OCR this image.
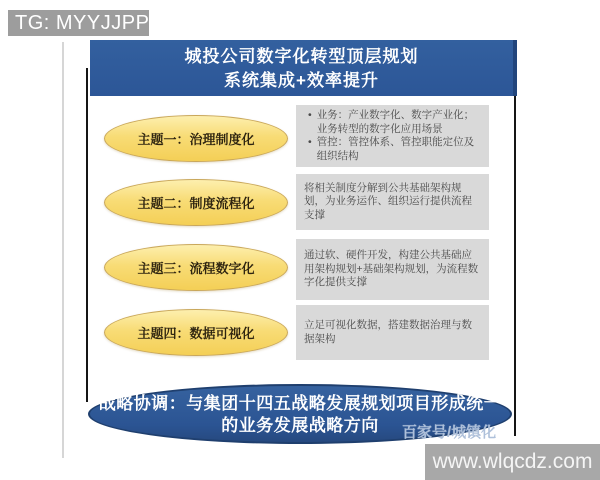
TG: MYYJJPP
城投公司数字化转型顶层规划
系统集成+效率提升
主题一：治理制度化
• 业务：产业数字化、数字产业化；业务转型的数字化应用场景
• 管控：管控体系、管控职能定位及组织结构
主题二：制度流程化
将相关制度分解到公共基础架构规划，为业务运作、组织运行提供流程支撑
主题三：流程数字化
通过软、硬件开发，构建公共基础应用架构规划+基础架构规划，为流程数字化提供支撑
主题四：数据可视化
立足可视化数据，搭建数据治理与数据架构
战略协调：与集团十四五战略发展规划项目形成统一
的业务发展战略方向	百家号/城镇化
www.wlqcdz.com
